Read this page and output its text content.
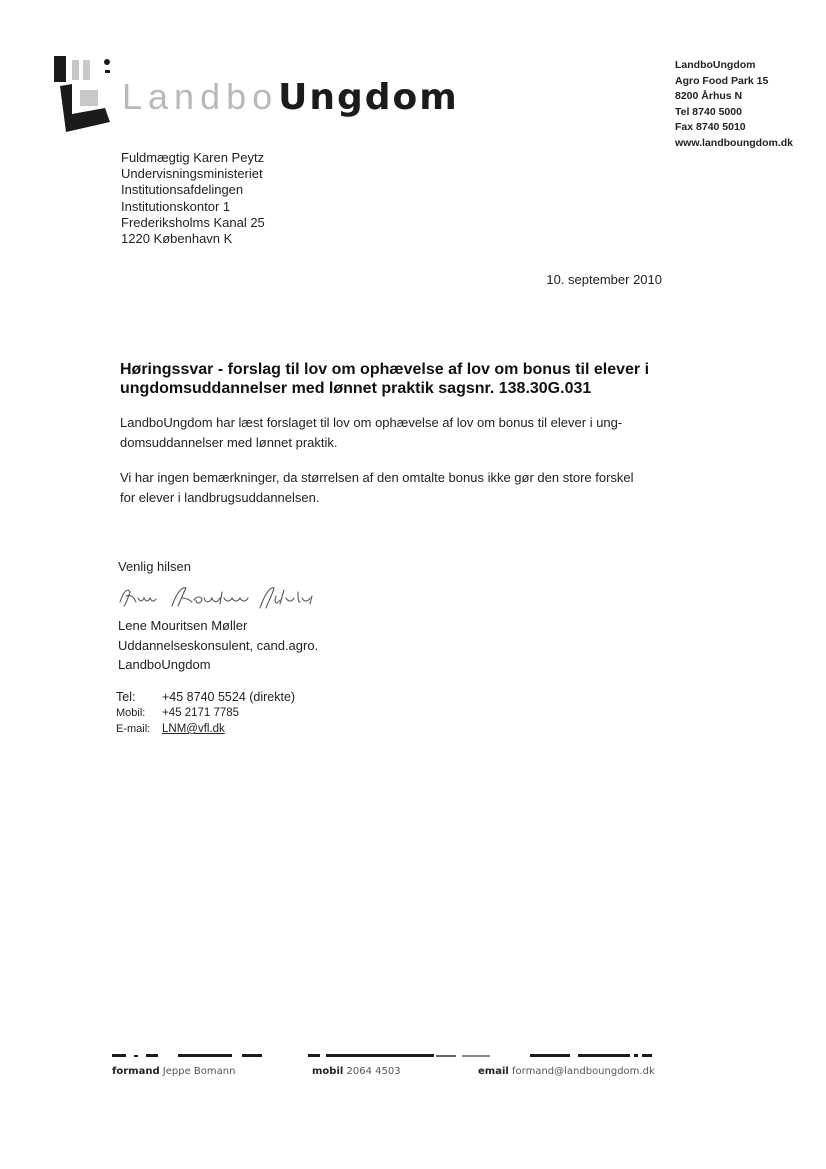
LandboUngdom
LandboUngdom
Agro Food Park 15
8200 Århus N
Tel 8740 5000
Fax 8740 5010
www.landboungdom.dk
Fuldmægtig Karen Peytz
Undervisningsministeriet
Institutionsafdelingen
Institutionskontor 1
Frederiksholms Kanal 25
1220 København K
10. september 2010
Høringssvar - forslag til lov om ophævelse af lov om bonus til elever i
ungdomsuddannelser med lønnet praktik sagsnr. 138.30G.031
LandboUngdom har læst forslaget til lov om ophævelse af lov om bonus til elever i ung-
domsuddannelser med lønnet praktik.
Vi har ingen bemærkninger, da størrelsen af den omtalte bonus ikke gør den store forskel
for elever i landbrugsuddannelsen.
Venlig hilsen
Lene Mouritsen Møller
Uddannelseskonsulent, cand.agro.
LandboUngdom
Tel:	+45 8740 5524 (direkte)
Mobil:	+45 2171 7785
E-mail:	LNM@vfl.dk
formand Jeppe Bomann	mobil 2064 4503	email formand@landboungdom.dk
